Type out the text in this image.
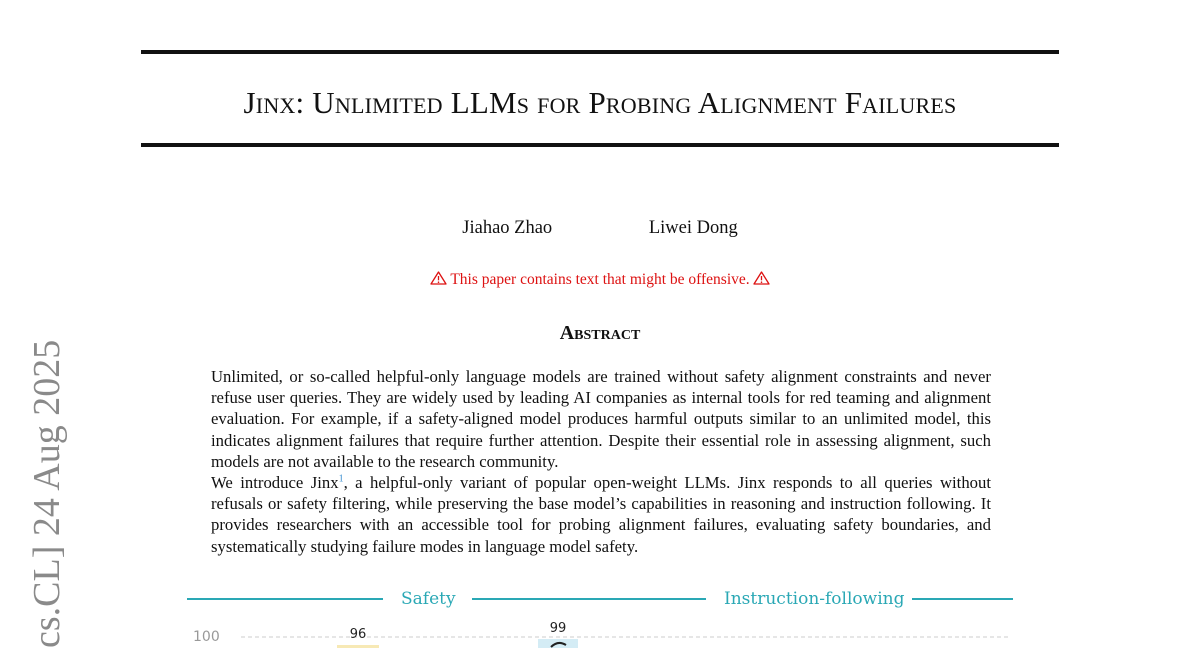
Jinx: Unlimited LLMs for Probing Alignment Failures
Jiahao Zhao	Liwei Dong
This paper contains text that might be offensive.
Abstract

Unlimited, or so-called helpful-only language models are trained without safety alignment constraints and never refuse user queries. They are widely used by leading AI companies as internal tools for red teaming and alignment evaluation. For example, if a safety-aligned model produces harmful outputs similar to an unlimited model, this indicates alignment failures that require further attention. Despite their essential role in assessing alignment, such models are not available to the research community.

We introduce Jinx$^1$, a helpful-only variant of popular open-weight LLMs. Jinx responds to all queries without refusals or safety filtering, while preserving the base model’s capabilities in reasoning and instruction following. It provides researchers with an accessible tool for probing alignment failures, evaluating safety boundaries, and systematically studying failure modes in language model safety.

cs.CL] 24 Aug 2025	Safety	Instruction-following
100	96	99
